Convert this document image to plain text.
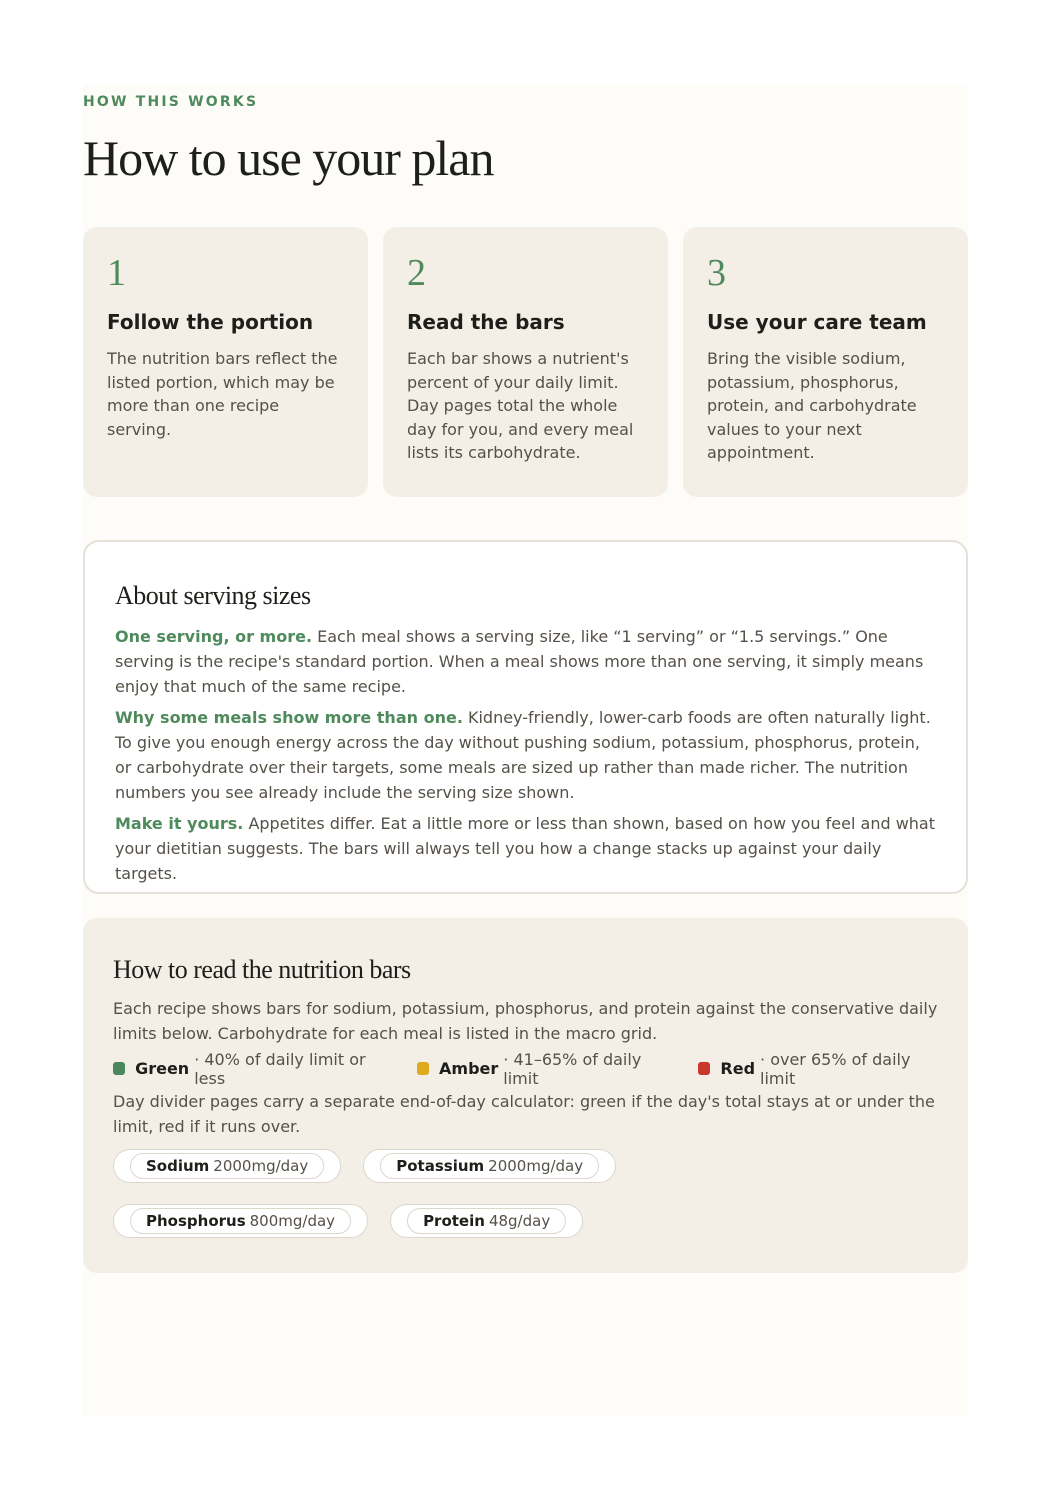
HOW THIS WORKS
How to use your plan
1
Follow the portion
The nutrition bars reflect the listed portion, which may be more than one recipe serving.
2
Read the bars
Each bar shows a nutrient's percent of your daily limit. Day pages total the whole day for you, and every meal lists its carbohydrate.
3
Use your care team
Bring the visible sodium, potassium, phosphorus, protein, and carbohydrate values to your next appointment.
About serving sizes

One serving, or more. Each meal shows a serving size, like “1 serving” or “1.5 servings.” One serving is the recipe's standard portion. When a meal shows more than one serving, it simply means enjoy that much of the same recipe.

Why some meals show more than one. Kidney-friendly, lower-carb foods are often naturally light. To give you enough energy across the day without pushing sodium, potassium, phosphorus, protein, or carbohydrate over their targets, some meals are sized up rather than made richer. The nutrition numbers you see already include the serving size shown.

Make it yours. Appetites differ. Eat a little more or less than shown, based on how you feel and what your dietitian suggests. The bars will always tell you how a change stacks up against your daily targets.

How to read the nutrition bars

Each recipe shows bars for sodium, potassium, phosphorus, and protein against the conservative daily limits below. Carbohydrate for each meal is listed in the macro grid.

Green · 40% of daily limit or less	Amber · 41–65% of daily limit	Red · over 65% of daily limit

Day divider pages carry a separate end-of-day calculator: green if the day's total stays at or under the limit, red if it runs over.

Sodium 2000mg/day	Potassium 2000mg/day
Phosphorus 800mg/day	Protein 48g/day
